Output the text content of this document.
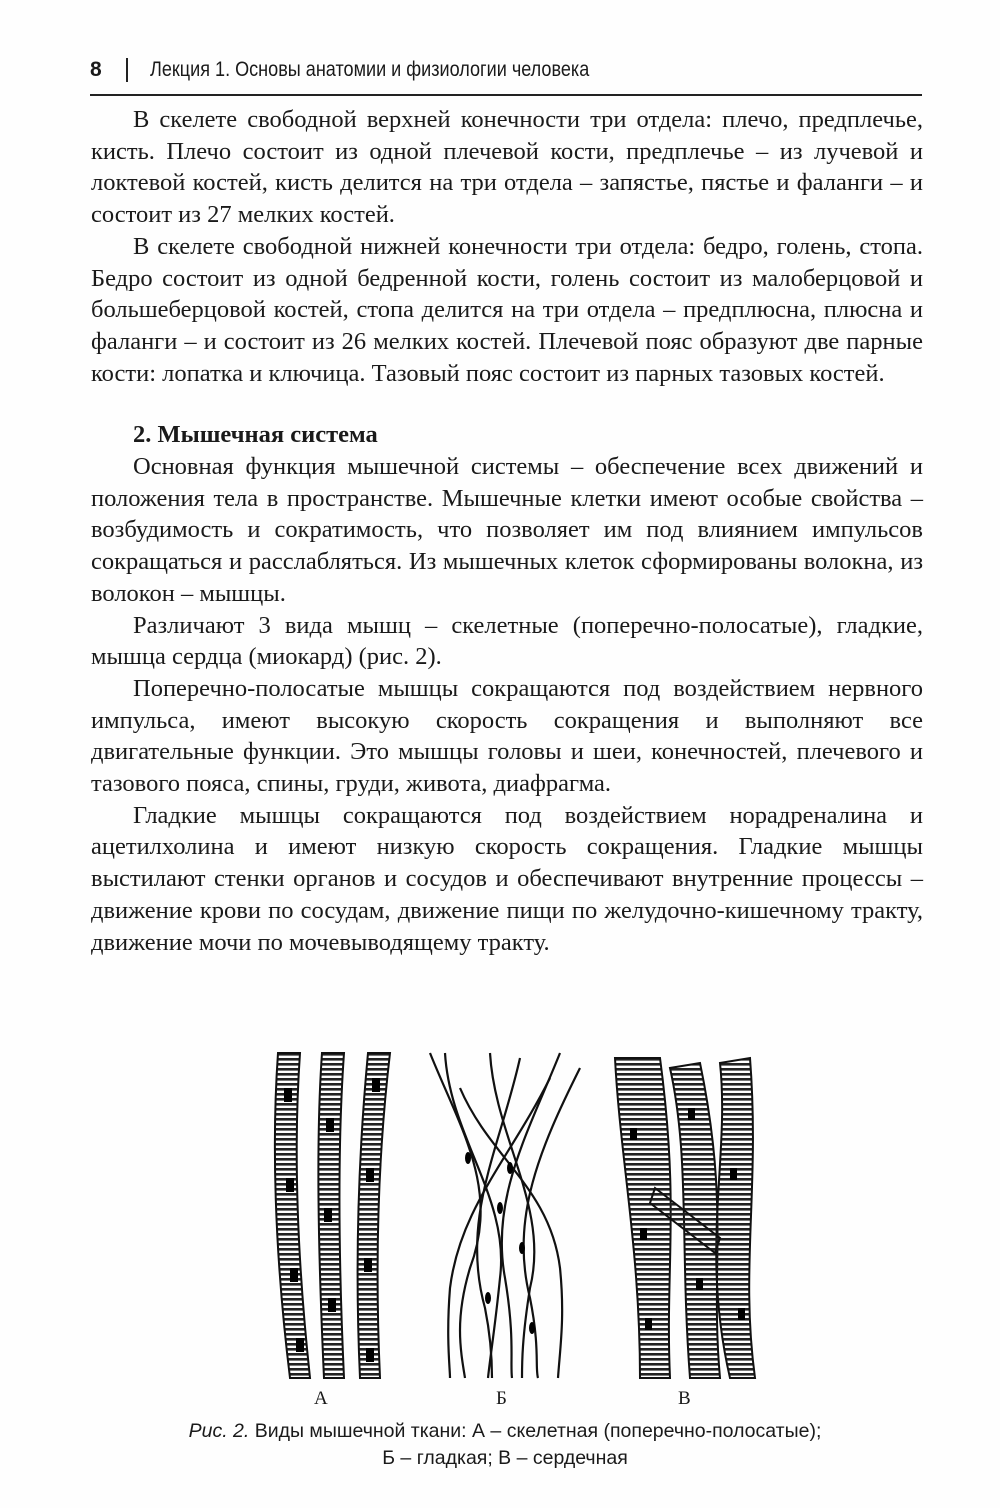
8	Лекция 1. Основы анатомии и физиологии человека

В скелете свободной верхней конечности три отдела: плечо, предплечье, кисть. Плечо состоит из одной плечевой кости, предплечье – из лучевой и локтевой костей, кисть делится на три отдела – запястье, пястье и фаланги – и состоит из 27 мелких костей.

В скелете свободной нижней конечности три отдела: бедро, голень, стопа. Бедро состоит из одной бедренной кости, голень состоит из малоберцовой и большеберцовой костей, стопа делится на три отдела – предплюсна, плюсна и фаланги – и состоит из 26 мелких костей. Плечевой пояс образуют две парные кости: лопатка и ключица. Тазовый пояс состоит из парных тазовых костей.

2. Мышечная система

Основная функция мышечной системы – обеспечение всех движений и положения тела в пространстве. Мышечные клетки имеют особые свойства – возбудимость и сократимость, что позволяет им под влиянием импульсов сокращаться и расслабляться. Из мышечных клеток сформированы волокна, из волокон – мышцы.

Различают 3 вида мышц – скелетные (поперечно-полосатые), гладкие, мышца сердца (миокард) (рис. 2).

Поперечно-полосатые мышцы сокращаются под воздействием нервного импульса, имеют высокую скорость сокращения и выполняют все двигательные функции. Это мышцы головы и шеи, конечностей, плечевого и тазового пояса, спины, груди, живота, диафрагма.

Гладкие мышцы сокращаются под воздействием норадреналина и ацетилхолина и имеют низкую скорость сокращения. Гладкие мышцы выстилают стенки органов и сосудов и обеспечивают внутренние процессы –движение крови по сосудам, движение пищи по желудочно-кишечному тракту, движение мочи по мочевыводящему тракту.

А	Б	В
Рис. 2. Виды мышечной ткани: А – скелетная (поперечно-полосатые);
Б – гладкая; В – сердечная
